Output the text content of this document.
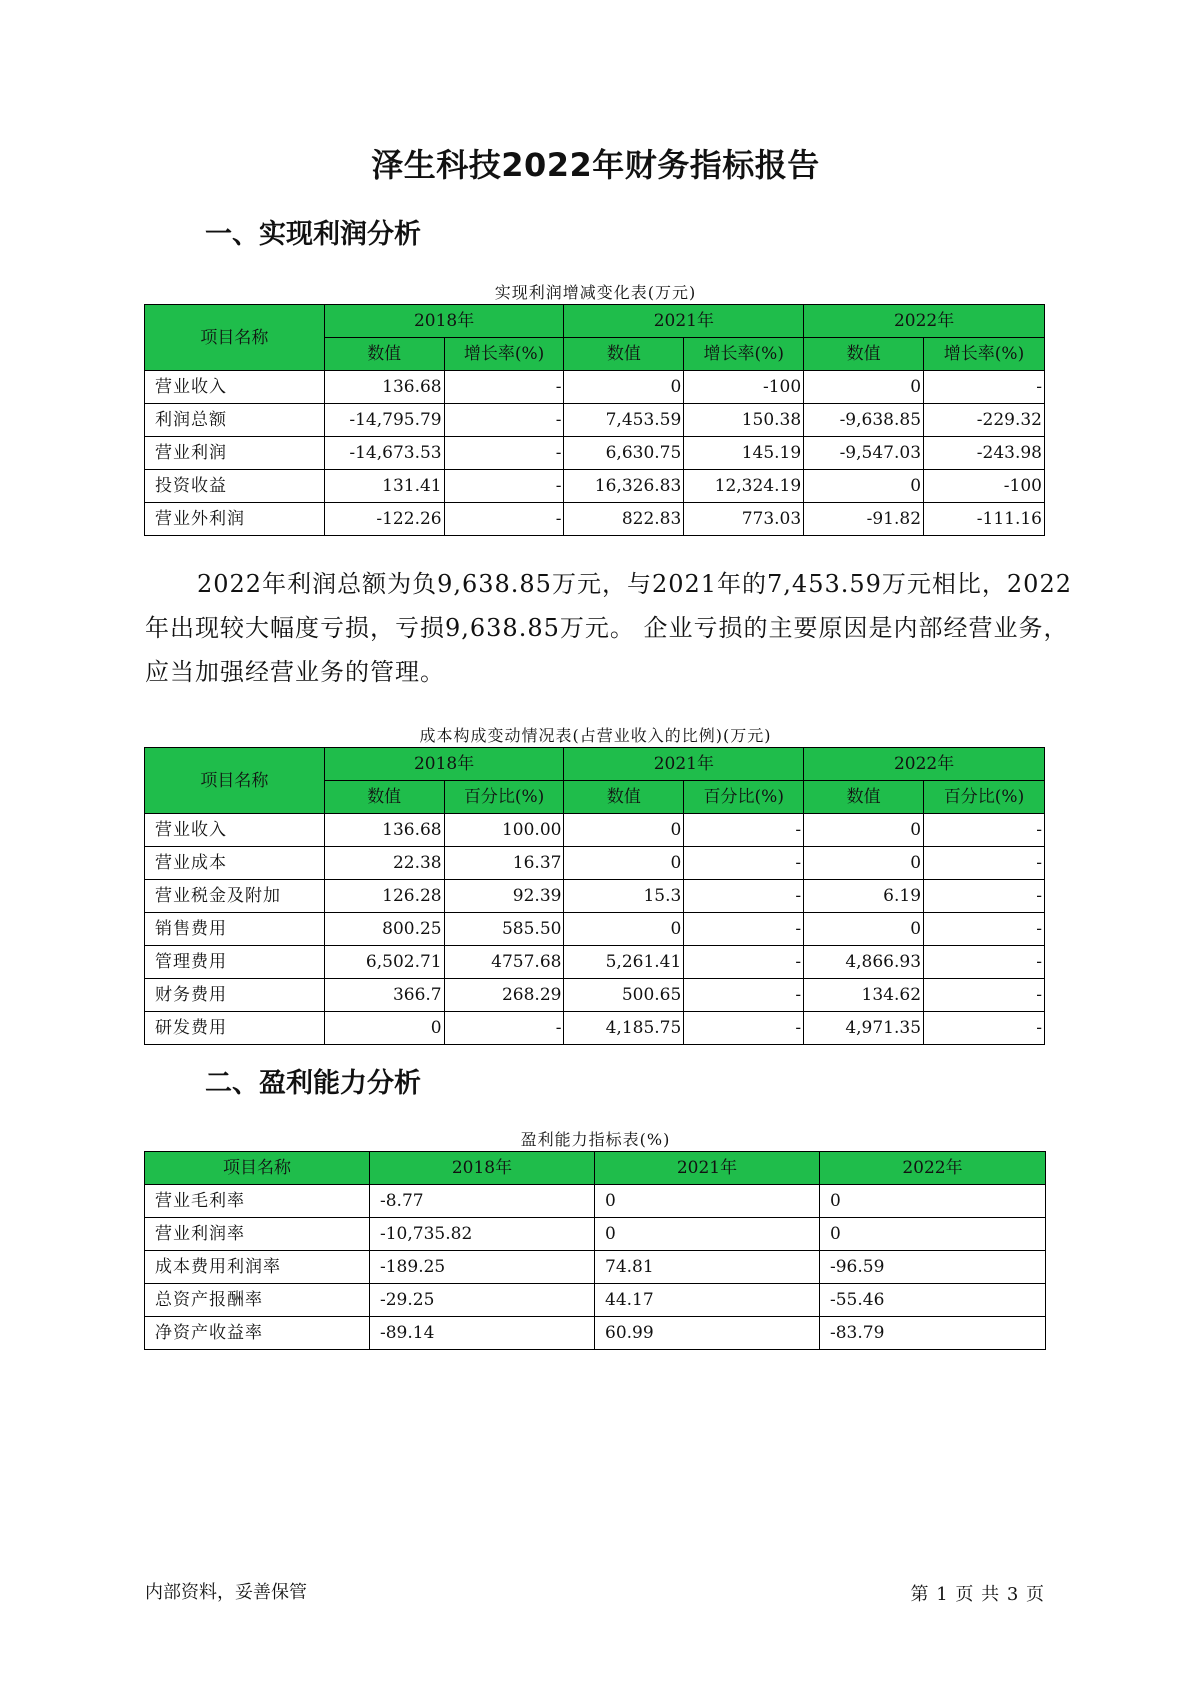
泽生科技2022年财务指标报告
一、实现利润分析
实现利润增减变化表(万元)
项目名称	2018年		2021年		2022年	
	数值	增长率(%)	数值	增长率(%)	数值	增长率(%)
营业收入	136.68	-	0	-100	0	-
利润总额	-14,795.79	-	7,453.59	150.38	-9,638.85	-229.32
营业利润	-14,673.53	-	6,630.75	145.19	-9,547.03	-243.98
投资收益	131.41	-	16,326.83	12,324.19	0	-100
营业外利润	-122.26	-	822.83	773.03	-91.82	-111.16

2022年利润总额为负9,638.85万元，与2021年的7,453.59万元相比，2022年出现较大幅度亏损，亏损9,638.85万元。 企业亏损的主要原因是内部经营业务，应当加强经营业务的管理。

成本构成变动情况表(占营业收入的比例)(万元)
项目名称	2018年		2021年		2022年	
	数值	百分比(%)	数值	百分比(%)	数值	百分比(%)
营业收入	136.68	100.00	0	-	0	-
营业成本	22.38	16.37	0	-	0	-
营业税金及附加	126.28	92.39	15.3	-	6.19	-
销售费用	800.25	585.50	0	-	0	-
管理费用	6,502.71	4757.68	5,261.41	-	4,866.93	-
财务费用	366.7	268.29	500.65	-	134.62	-
研发费用	0	-	4,185.75	-	4,971.35	-
二、盈利能力分析
盈利能力指标表(%)
项目名称	2018年	2021年	2022年
营业毛利率	-8.77	0	0
营业利润率	-10,735.82	0	0
成本费用利润率	-189.25	74.81	-96.59
总资产报酬率	-29.25	44.17	-55.46
净资产收益率	-89.14	60.99	-83.79
内部资料，妥善保管	第 1 页 共 3 页
